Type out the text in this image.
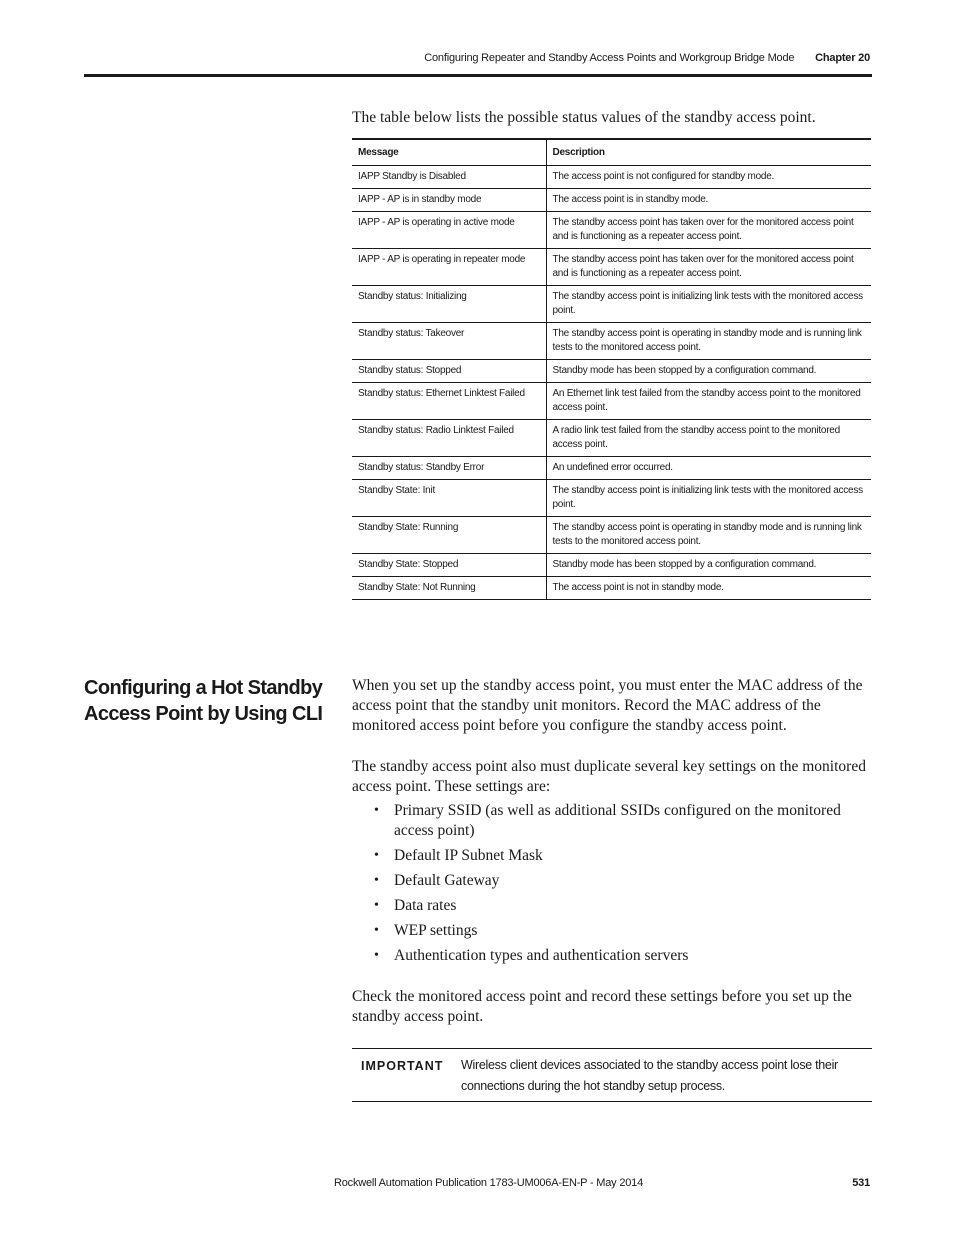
Configuring Repeater and Standby Access Points and Workgroup Bridge Mode Chapter 20
The table below lists the possible status values of the standby access point.
Message	Description
IAPP Standby is Disabled	The access point is not configured for standby mode.
IAPP - AP is in standby mode	The access point is in standby mode.
IAPP - AP is operating in active mode	The standby access point has taken over for the monitored access point and is functioning as a repeater access point.
IAPP - AP is operating in repeater mode	The standby access point has taken over for the monitored access point and is functioning as a repeater access point.
Standby status: Initializing	The standby access point is initializing link tests with the monitored access point.
Standby status: Takeover	The standby access point is operating in standby mode and is running link tests to the monitored access point.
Standby status: Stopped	Standby mode has been stopped by a configuration command.
Standby status: Ethernet Linktest Failed	An Ethernet link test failed from the standby access point to the monitored access point.
Standby status: Radio Linktest Failed	A radio link test failed from the standby access point to the monitored access point.
Standby status: Standby Error	An undefined error occurred.
Standby State: Init	The standby access point is initializing link tests with the monitored access point.
Standby State: Running	The standby access point is operating in standby mode and is running link tests to the monitored access point.
Standby State: Stopped	Standby mode has been stopped by a configuration command.
Standby State: Not Running	The access point is not in standby mode.
Configuring a Hot Standby Access Point by Using CLI

When you set up the standby access point, you must enter the MAC address of the access point that the standby unit monitors. Record the MAC address of the monitored access point before you configure the standby access point.

The standby access point also must duplicate several key settings on the monitored access point. These settings are:

• Primary SSID (as well as additional SSIDs configured on the monitored access point)
• Default IP Subnet Mask
• Default Gateway
• Data rates
• WEP settings
• Authentication types and authentication servers

Check the monitored access point and record these settings before you set up the standby access point.

IMPORTANT Wireless client devices associated to the standby access point lose their connections during the hot standby setup process.
Rockwell Automation Publication 1783-UM006A-EN-P - May 2014	531
